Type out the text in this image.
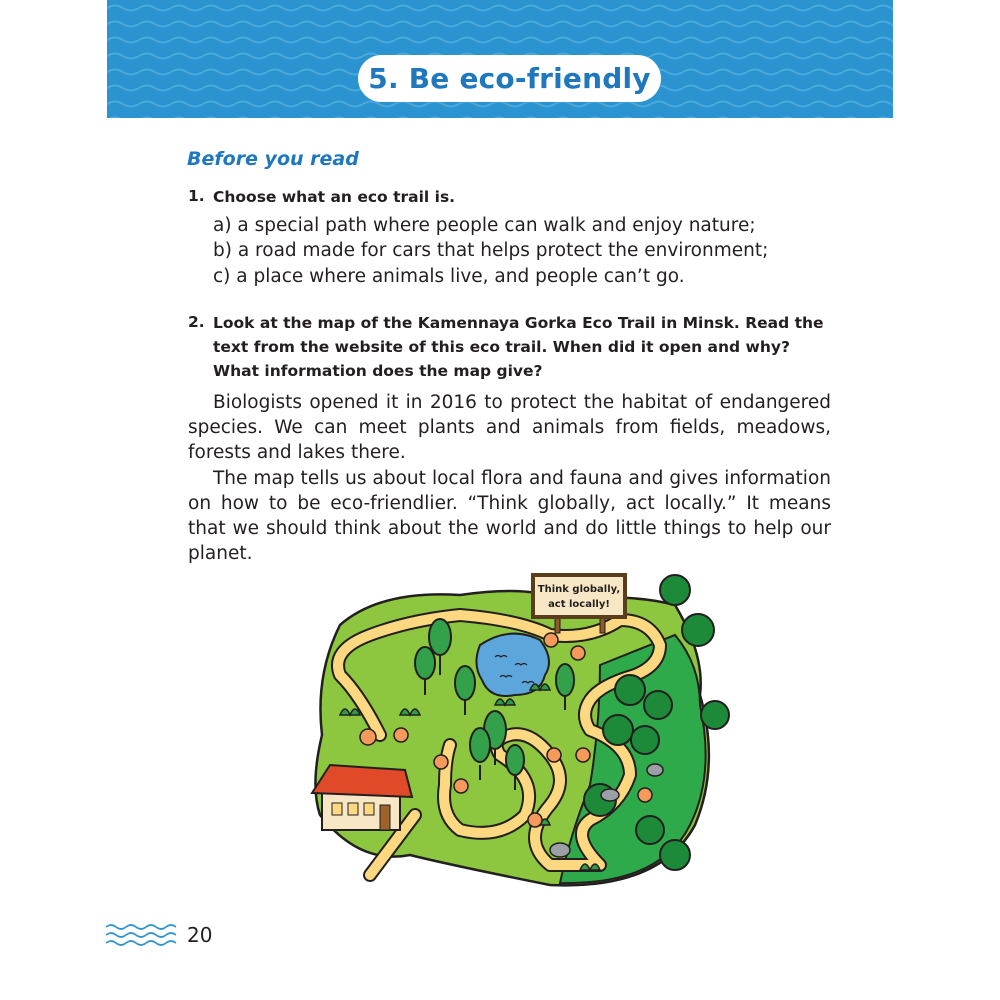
5. Be eco-friendly
Before you read
1. Choose what an eco trail is.
a) a special path where people can walk and enjoy nature;
b) a road made for cars that helps protect the environment;
c) a place where animals live, and people can’t go.
2. Look at the map of the Kamennaya Gorka Eco Trail in Minsk. Read the text from the website of this eco trail. When did it open and why? What information does the map give?
Biologists opened it in 2016 to protect the habitat of endangered species. We can meet plants and animals from fields, meadows, forests and lakes there.
The map tells us about local flora and fauna and gives information on how to be eco-friendlier. “Think globally, act locally.” It means that we should think about the world and do little things to help our planet.
Think globally,
act locally!
20
